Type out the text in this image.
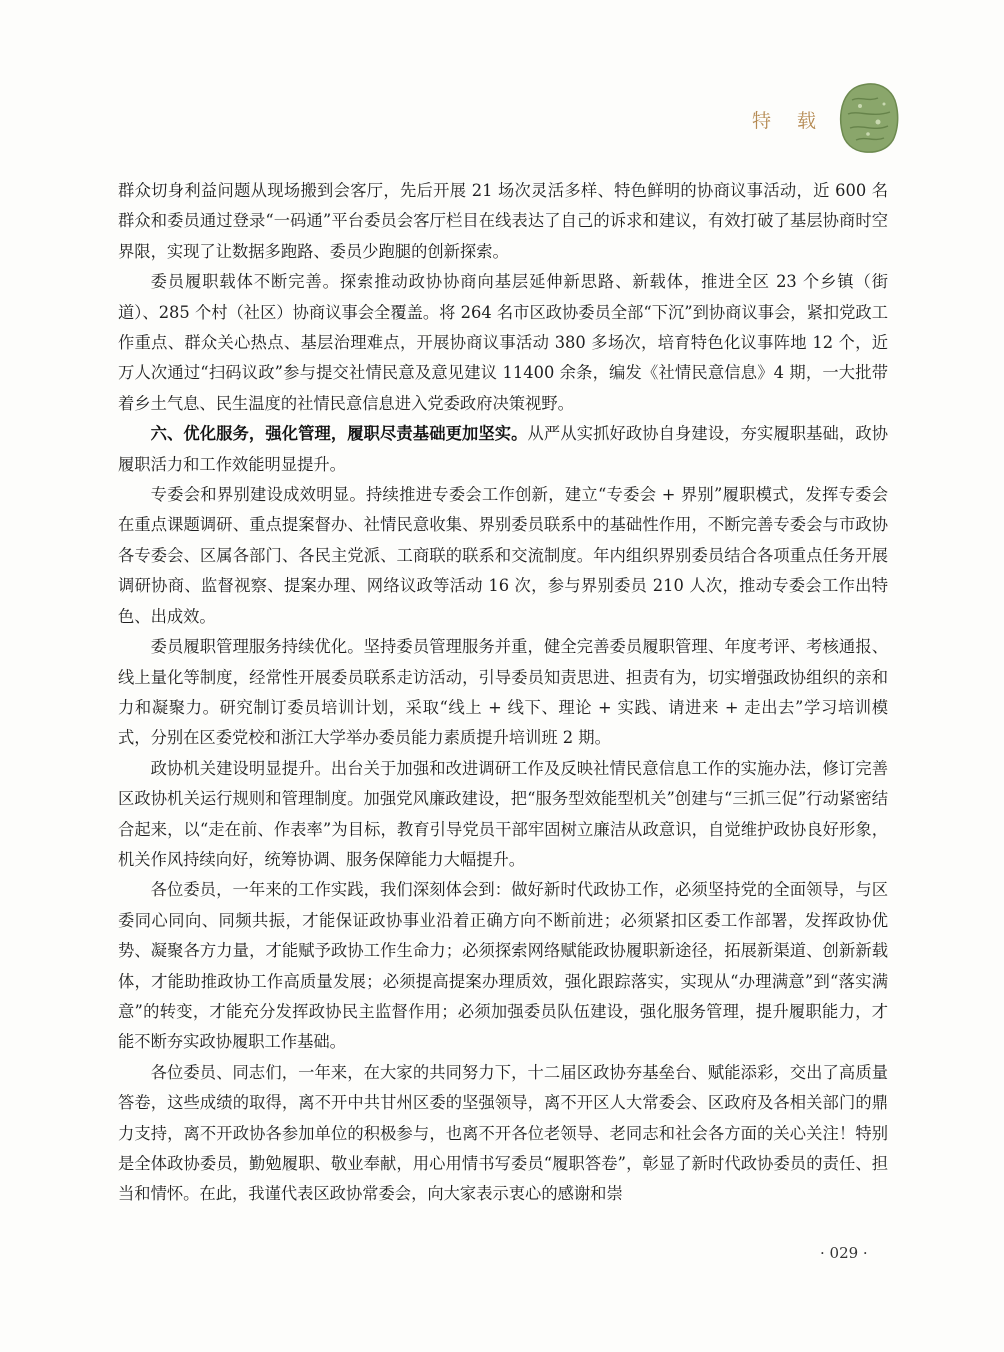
特 载

群众切身利益问题从现场搬到会客厅，先后开展 21 场次灵活多样、特色鲜明的协商议事活动，近 600 名群众和委员通过登录“一码通”平台委员会客厅栏目在线表达了自己的诉求和建议，有效打破了基层协商时空界限，实现了让数据多跑路、委员少跑腿的创新探索。

委员履职载体不断完善。探索推动政协协商向基层延伸新思路、新载体，推进全区 23 个乡镇（街道）、285 个村（社区）协商议事会全覆盖。将 264 名市区政协委员全部“下沉”到协商议事会，紧扣党政工作重点、群众关心热点、基层治理难点，开展协商议事活动 380 多场次，培育特色化议事阵地 12 个，近万人次通过“扫码议政”参与提交社情民意及意见建议 11400 余条，编发《社情民意信息》4 期，一大批带着乡土气息、民生温度的社情民意信息进入党委政府决策视野。

六、优化服务，强化管理，履职尽责基础更加坚实。从严从实抓好政协自身建设，夯实履职基础，政协履职活力和工作效能明显提升。

专委会和界别建设成效明显。持续推进专委会工作创新，建立“专委会 + 界别”履职模式，发挥专委会在重点课题调研、重点提案督办、社情民意收集、界别委员联系中的基础性作用，不断完善专委会与市政协各专委会、区属各部门、各民主党派、工商联的联系和交流制度。年内组织界别委员结合各项重点任务开展调研协商、监督视察、提案办理、网络议政等活动 16 次，参与界别委员 210 人次，推动专委会工作出特色、出成效。

委员履职管理服务持续优化。坚持委员管理服务并重，健全完善委员履职管理、年度考评、考核通报、线上量化等制度，经常性开展委员联系走访活动，引导委员知责思进、担责有为，切实增强政协组织的亲和力和凝聚力。研究制订委员培训计划，采取“线上 + 线下、理论 + 实践、请进来 + 走出去”学习培训模式，分别在区委党校和浙江大学举办委员能力素质提升培训班 2 期。

政协机关建设明显提升。出台关于加强和改进调研工作及反映社情民意信息工作的实施办法，修订完善区政协机关运行规则和管理制度。加强党风廉政建设，把“服务型效能型机关”创建与“三抓三促”行动紧密结合起来，以“走在前、作表率”为目标，教育引导党员干部牢固树立廉洁从政意识，自觉维护政协良好形象，机关作风持续向好，统筹协调、服务保障能力大幅提升。

各位委员，一年来的工作实践，我们深刻体会到：做好新时代政协工作，必须坚持党的全面领导，与区委同心同向、同频共振，才能保证政协事业沿着正确方向不断前进；必须紧扣区委工作部署，发挥政协优势、凝聚各方力量，才能赋予政协工作生命力；必须探索网络赋能政协履职新途径，拓展新渠道、创新新载体，才能助推政协工作高质量发展；必须提高提案办理质效，强化跟踪落实，实现从“办理满意”到“落实满意”的转变，才能充分发挥政协民主监督作用；必须加强委员队伍建设，强化服务管理，提升履职能力，才能不断夯实政协履职工作基础。

各位委员、同志们，一年来，在大家的共同努力下，十二届区政协夯基垒台、赋能添彩，交出了高质量答卷，这些成绩的取得，离不开中共甘州区委的坚强领导，离不开区人大常委会、区政府及各相关部门的鼎力支持，离不开政协各参加单位的积极参与，也离不开各位老领导、老同志和社会各方面的关心关注！特别是全体政协委员，勤勉履职、敬业奉献，用心用情书写委员“履职答卷”，彰显了新时代政协委员的责任、担当和情怀。在此，我谨代表区政协常委会，向大家表示衷心的感谢和崇

· 029 ·
